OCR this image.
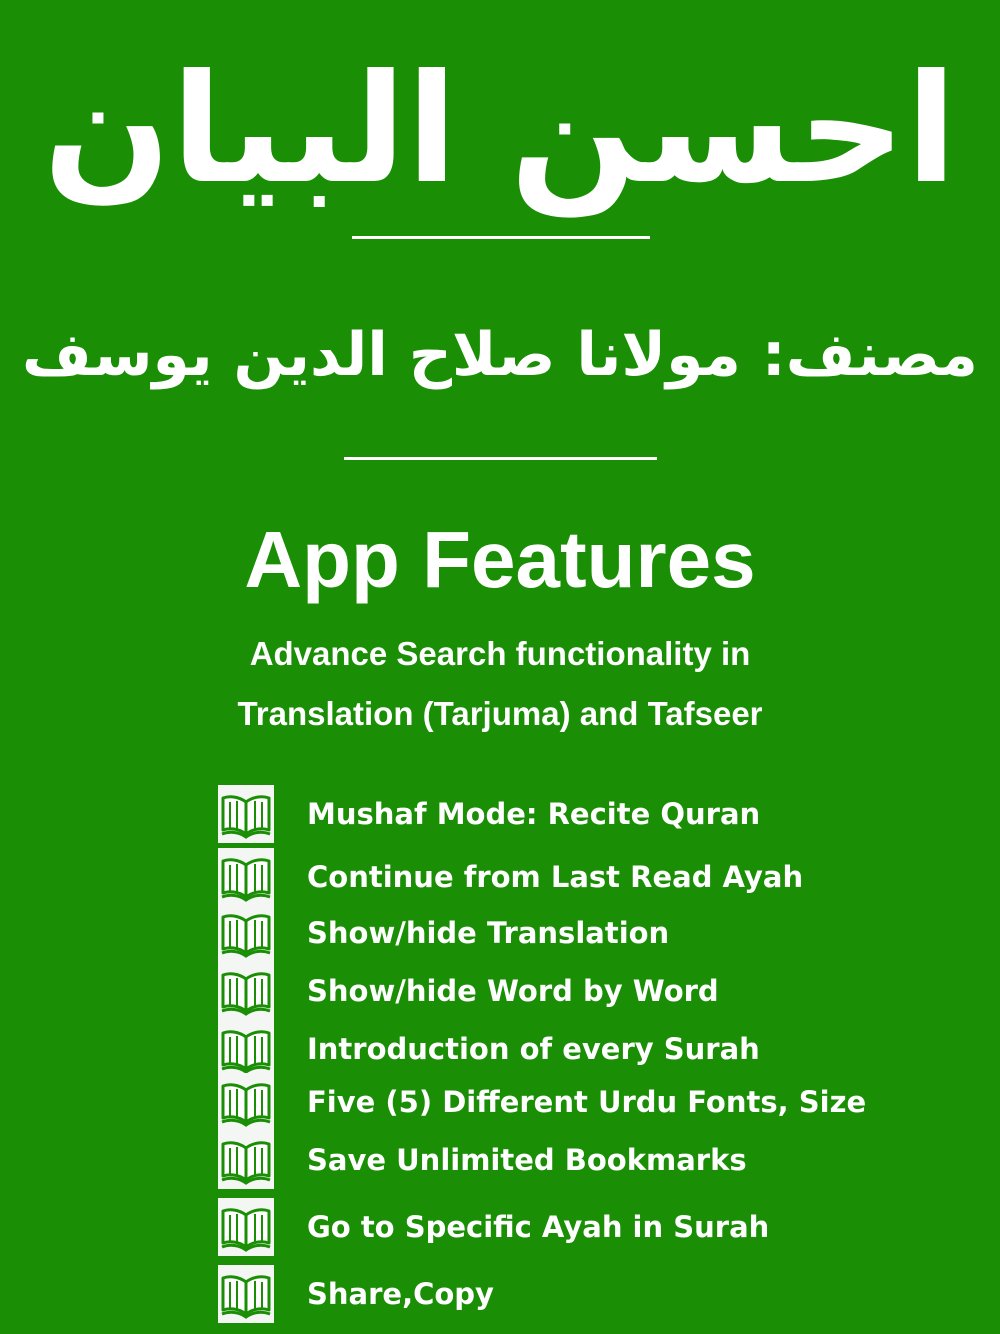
احسن البیان
مصنف: مولانا صلاح الدین یوسف
App Features
Advance Search functionality in
Translation (Tarjuma) and Tafseer
Mushaf Mode: Recite Quran
Continue from Last Read Ayah
Show/hide Translation
Show/hide Word by Word
Introduction of every Surah
Five (5) Different Urdu Fonts, Size
Save Unlimited Bookmarks
Go to Specific Ayah in Surah
Share,Copy
